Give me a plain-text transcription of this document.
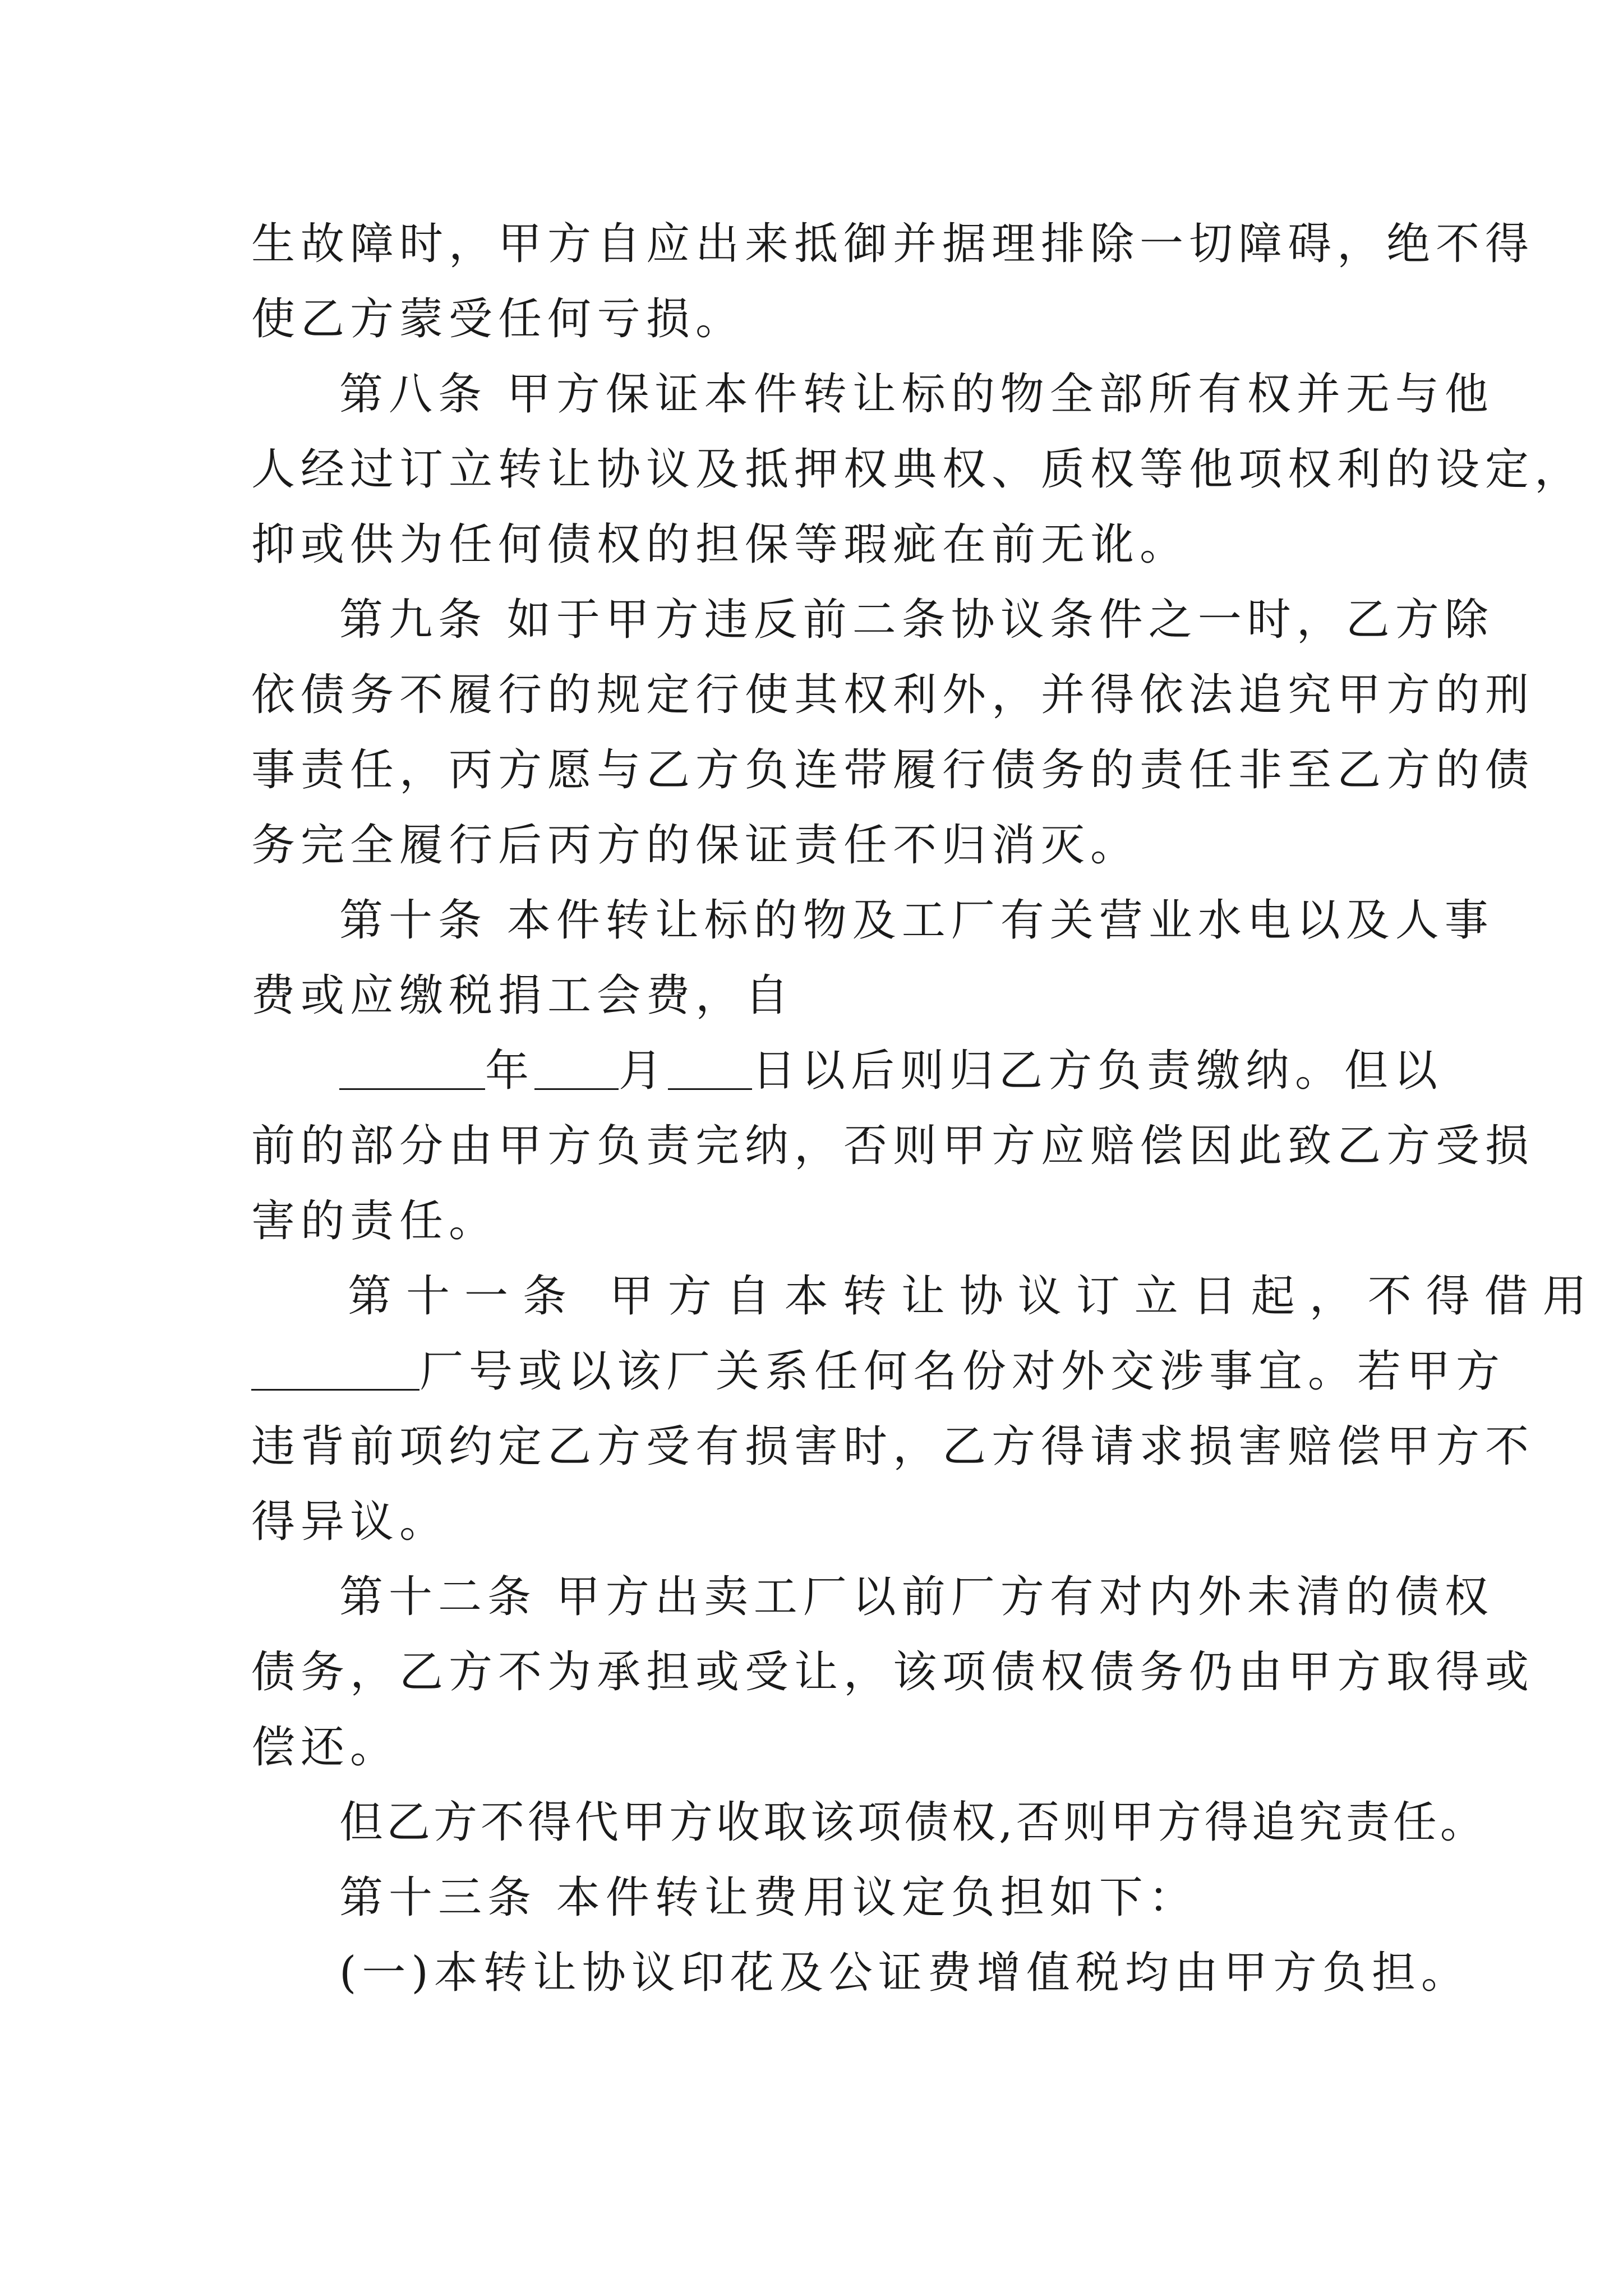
生故障时，甲方自应出来抵御并据理排除一切障碍，绝不得
使乙方蒙受任何亏损。
第八条 甲方保证本件转让标的物全部所有权并无与他
人经过订立转让协议及抵押权典权、质权等他项权利的设定，
抑或供为任何债权的担保等瑕疵在前无讹。
第九条 如于甲方违反前二条协议条件之一时，乙方除
依债务不履行的规定行使其权利外，并得依法追究甲方的刑
事责任，丙方愿与乙方负连带履行债务的责任非至乙方的债
务完全履行后丙方的保证责任不归消灭。
第十条 本件转让标的物及工厂有关营业水电以及人事
费或应缴税捐工会费，自
年 月 日以后则归乙方负责缴纳。但以
前的部分由甲方负责完纳，否则甲方应赔偿因此致乙方受损
害的责任。
第十一条 甲方自本转让协议订立日起，不得借用
厂号或以该厂关系任何名份对外交涉事宜。若甲方
违背前项约定乙方受有损害时，乙方得请求损害赔偿甲方不
得异议。
第十二条 甲方出卖工厂以前厂方有对内外未清的债权
债务，乙方不为承担或受让，该项债权债务仍由甲方取得或
偿还。
但乙方不得代甲方收取该项债权,否则甲方得追究责任。
第十三条 本件转让费用议定负担如下：
(一)本转让协议印花及公证费增值税均由甲方负担。
